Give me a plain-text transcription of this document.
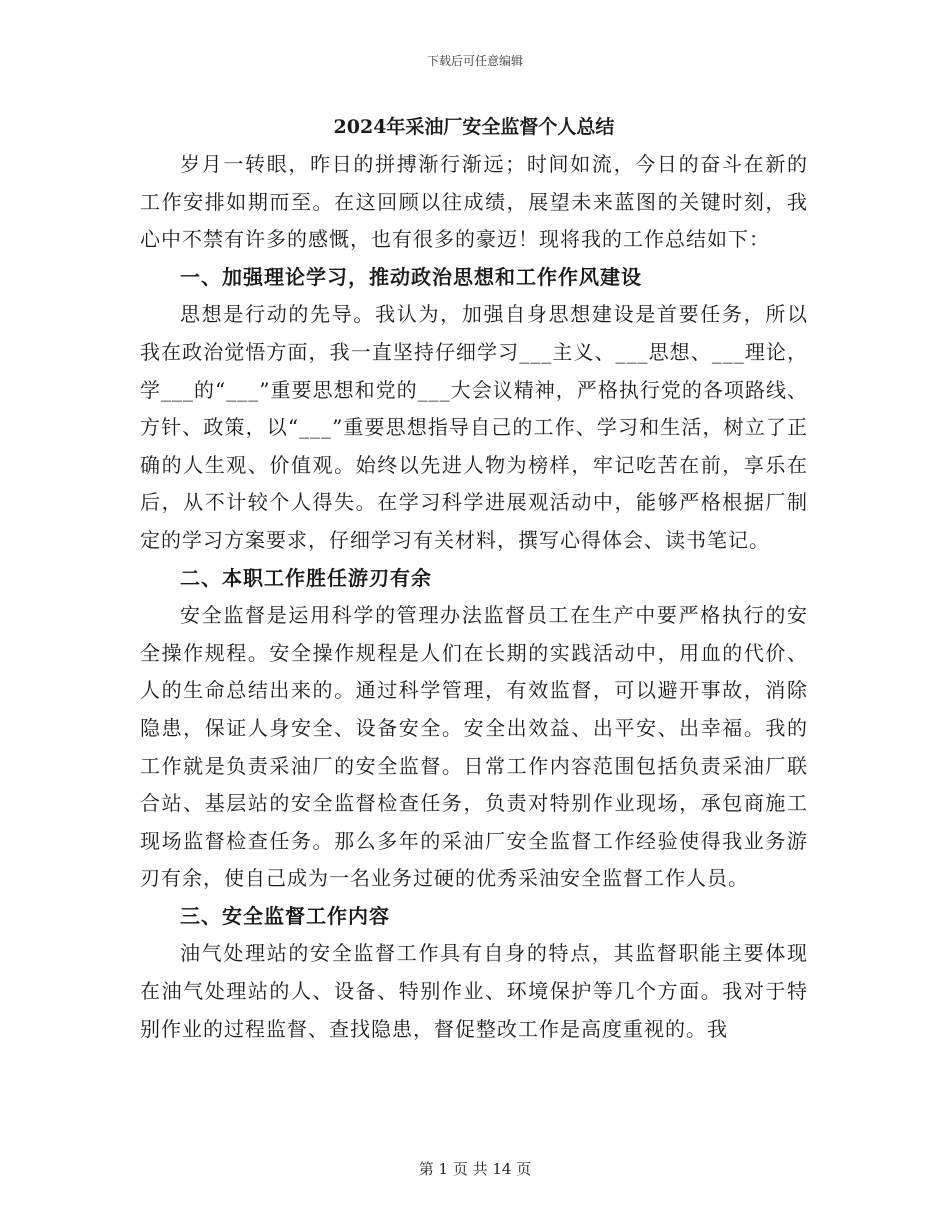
下载后可任意编辑
2024年采油厂安全监督个人总结

岁月一转眼，昨日的拼搏渐行渐远；时间如流，今日的奋斗在新的工作安排如期而至。在这回顾以往成绩，展望未来蓝图的关键时刻，我心中不禁有许多的感慨，也有很多的豪迈！现将我的工作总结如下：

一、加强理论学习，推动政治思想和工作作风建设

思想是行动的先导。我认为，加强自身思想建设是首要任务，所以我在政治觉悟方面，我一直坚持仔细学习___主义、___思想、___理论，学___的“___”重要思想和党的___大会议精神，严格执行党的各项路线、方针、政策，以“___”重要思想指导自己的工作、学习和生活，树立了正确的人生观、价值观。始终以先进人物为榜样，牢记吃苦在前，享乐在后，从不计较个人得失。在学习科学进展观活动中，能够严格根据厂制定的学习方案要求，仔细学习有关材料，撰写心得体会、读书笔记。

二、本职工作胜任游刃有余

安全监督是运用科学的管理办法监督员工在生产中要严格执行的安全操作规程。安全操作规程是人们在长期的实践活动中，用血的代价、人的生命总结出来的。通过科学管理，有效监督，可以避开事故，消除隐患，保证人身安全、设备安全。安全出效益、出平安、出幸福。我的工作就是负责采油厂的安全监督。日常工作内容范围包括负责采油厂联合站、基层站的安全监督检查任务，负责对特别作业现场，承包商施工现场监督检查任务。那么多年的采油厂安全监督工作经验使得我业务游刃有余，使自己成为一名业务过硬的优秀采油安全监督工作人员。

三、安全监督工作内容

油气处理站的安全监督工作具有自身的特点，其监督职能主要体现在油气处理站的人、设备、特别作业、环境保护等几个方面。我对于特别作业的过程监督、查找隐患，督促整改工作是高度重视的。我

第 1 页 共 14 页
